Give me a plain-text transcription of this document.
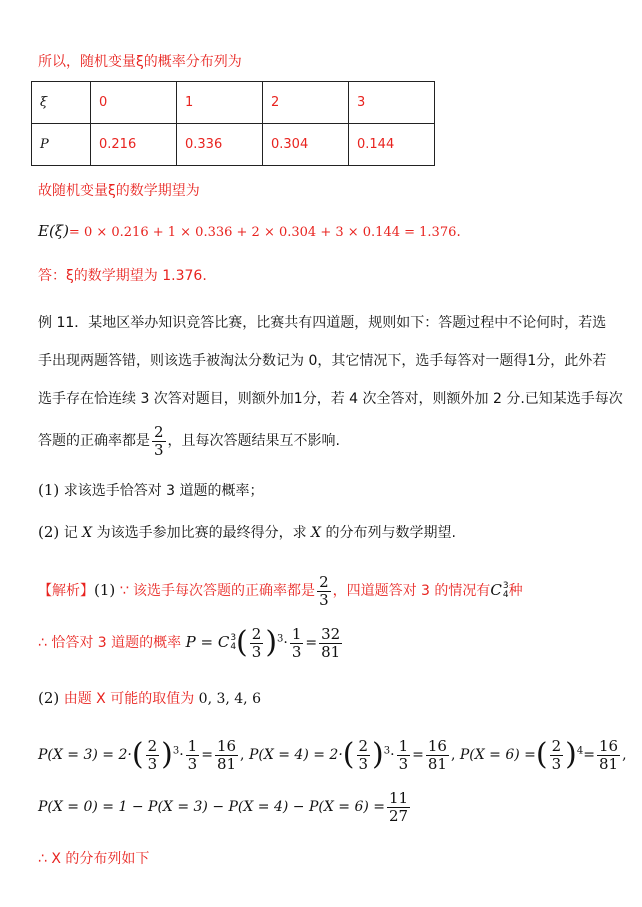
所以，随机变量ξ的概率分布列为
ξ	0	1	2	3
P	0.216	0.336	0.304	0.144
故随机变量ξ的数学期望为
E(ξ)= 0 × 0.216 + 1 × 0.336 + 2 × 0.304 + 3 × 0.144 = 1.376.
答：ξ的数学期望为 1.376.
例 11．某地区举办知识竞答比赛，比赛共有四道题，规则如下：答题过程中不论何时，若选
手出现两题答错，则该选手被淘汰分数记为 0，其它情况下，选手每答对一题得1分，此外若
选手存在恰连续 3 次答对题目，则额外加1分，若 4 次全答对，则额外加 2 分.已知某选手每次
答题的正确率都是 $\frac{2}{3}$ ，且每次答题结果互不影响.
(1) 求该选手恰答对 3 道题的概率；
(2) 记 X 为该选手参加比赛的最终得分，求 X 的分布列与数学期望.
【解析】(1) ∵ 该选手每次答题的正确率都是 $\frac{2}{3}$ ，四道题答对 3 的情况有C 3
4 种
∴ 恰答对 3 道题的概率 P = C 3
4 ( $\frac{2}{3} )^3\cdot \frac{1}{3} = \frac{32}{81}$
(2) 由题 X 可能的取值为 0, 3, 4, 6
$P(X = 3) = 2\cdot( \frac{2}{3} )^3\cdot \frac{1}{3} = \frac{16}{81}$ , $P(X = 4) = 2\cdot( \frac{2}{3} )^3\cdot \frac{1}{3} = \frac{16}{81}$ , P(X = 6) =( $\frac{2}{3} )^4= \frac{16}{81}$ ,
$P(X = 0) = 1 - P(X = 3) - P(X = 4) - P(X = 6) = \frac{11}{27}$
∴ X 的分布列如下
